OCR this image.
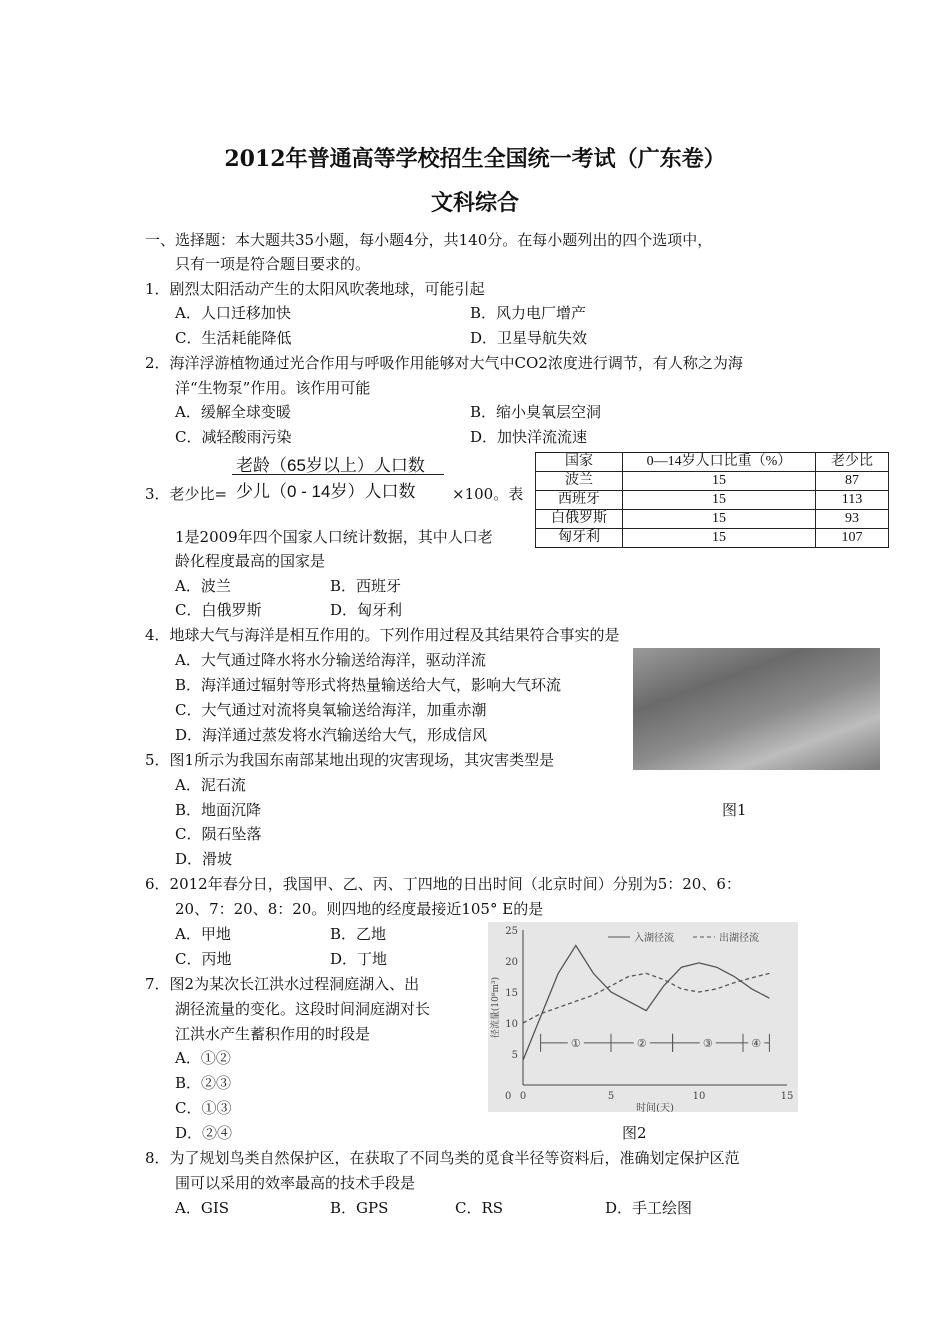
2012年普通高等学校招生全国统一考试（广东卷）
文科综合
一、选择题：本大题共35小题，每小题4分，共140分。在每小题列出的四个选项中，
只有一项是符合题目要求的。
1．剧烈太阳活动产生的太阳风吹袭地球，可能引起
A．人口迁移加快	B．风力电厂增产
C．生活耗能降低	D．卫星导航失效
2．海洋浮游植物通过光合作用与呼吸作用能够对大气中CO2浓度进行调节，有人称之为海
洋“生物泵”作用。该作用可能
A．缓解全球变暖	B．缩小臭氧层空洞
C．减轻酸雨污染	D．加快洋流流速
老龄（65岁以上）人口数
少儿（0 - 14岁）人口数
3．老少比=	×100。表
1是2009年四个国家人口统计数据，其中人口老
龄化程度最高的国家是
A．波兰	B．西班牙
C．白俄罗斯	D．匈牙利
国家	0—14岁人口比重（%）	老少比
波兰	15	87
西班牙	15	113
白俄罗斯	15	93
匈牙利	15	107
4．地球大气与海洋是相互作用的。下列作用过程及其结果符合事实的是
A．大气通过降水将水分输送给海洋，驱动洋流
B．海洋通过辐射等形式将热量输送给大气，影响大气环流
C．大气通过对流将臭氧输送给海洋，加重赤潮
D．海洋通过蒸发将水汽输送给大气，形成信风
5．图1所示为我国东南部某地出现的灾害现场，其灾害类型是
A．泥石流
B．地面沉降	图1
C．陨石坠落
D．滑坡
6．2012年春分日，我国甲、乙、丙、丁四地的日出时间（北京时间）分别为5：20、6：
20、7：20、8：20。则四地的经度最接近105° E的是
A．甲地	B．乙地
C．丙地	D．丁地
7．图2为某次长江洪水过程洞庭湖入、出
湖径流量的变化。这段时间洞庭湖对长
江洪水产生蓄积作用的时段是
A．①②
B．②③
C．①③
D．②④	图2
0	5	10	15
0
5
10
15
20
25
时间(天)
径流量(10⁸m³)
入湖径流	出湖径流
①	②	③	④
8．为了规划鸟类自然保护区，在获取了不同鸟类的觅食半径等资料后，准确划定保护区范
围可以采用的效率最高的技术手段是
A．GIS	B．GPS	C．RS	D．手工绘图
